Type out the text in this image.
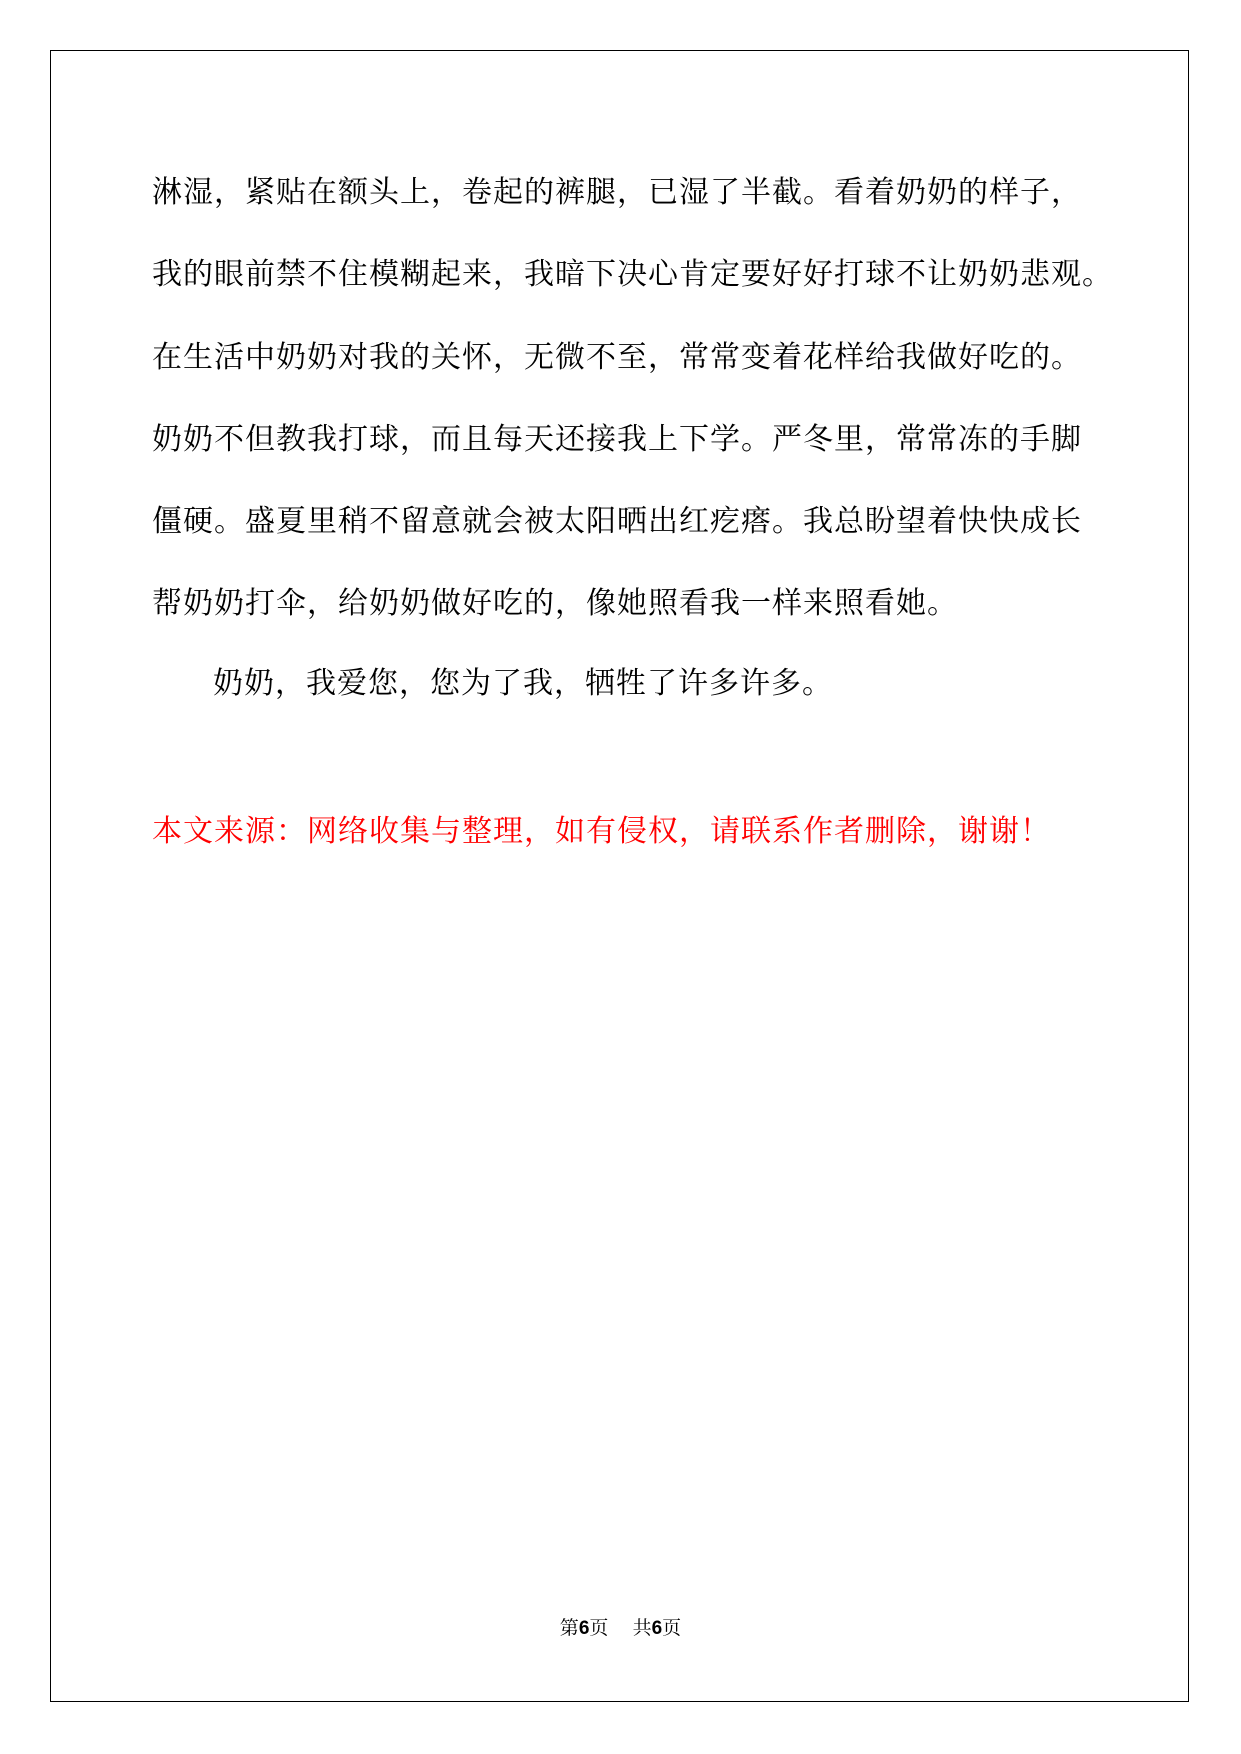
淋湿，紧贴在额头上，卷起的裤腿，已湿了半截。看着奶奶的样子，
我的眼前禁不住模糊起来，我暗下决心肯定要好好打球不让奶奶悲观。
在生活中奶奶对我的关怀，无微不至，常常变着花样给我做好吃的。
奶奶不但教我打球，而且每天还接我上下学。严冬里，常常冻的手脚
僵硬。盛夏里稍不留意就会被太阳晒出红疙瘩。我总盼望着快快成长
帮奶奶打伞，给奶奶做好吃的，像她照看我一样来照看她。
奶奶，我爱您，您为了我，牺牲了许多许多。
本文来源：网络收集与整理，如有侵权，请联系作者删除，谢谢！
第6页 共6页
